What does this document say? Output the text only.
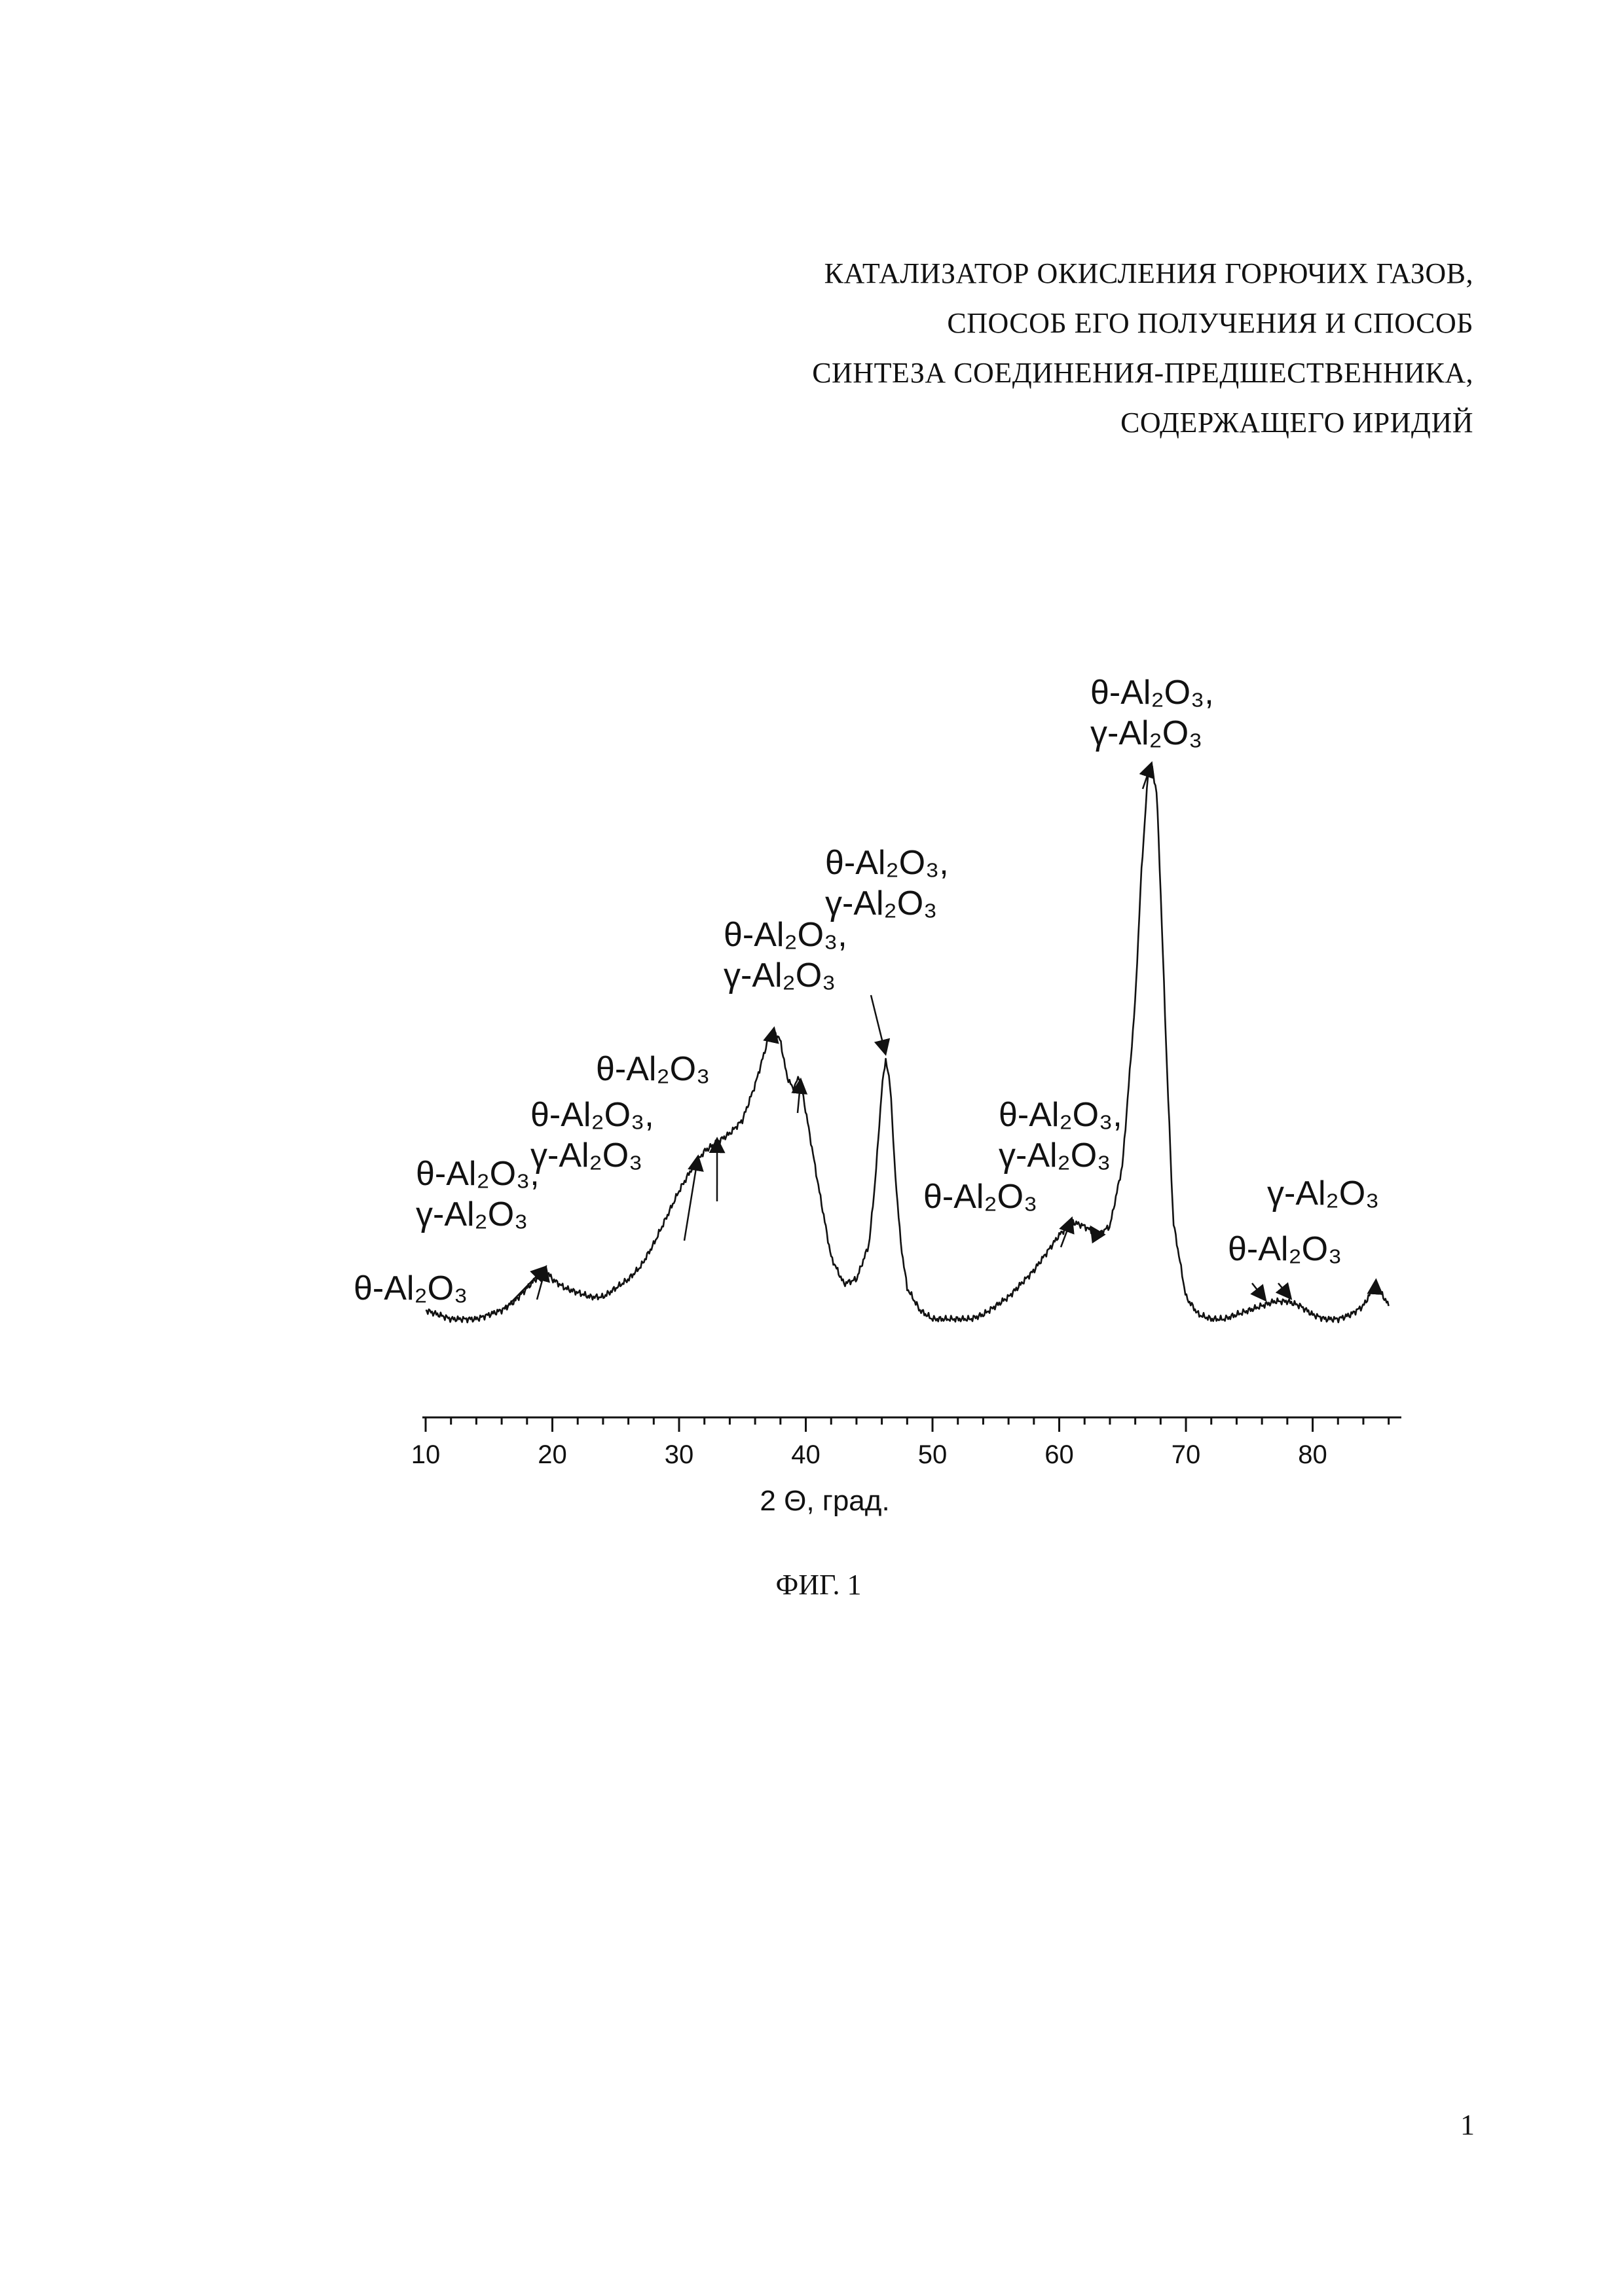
КАТАЛИЗАТОР ОКИСЛЕНИЯ ГОРЮЧИХ ГАЗОВ,
СПОСОБ ЕГО ПОЛУЧЕНИЯ И СПОСОБ
СИНТЕЗА СОЕДИНЕНИЯ-ПРЕДШЕСТВЕННИКА,
СОДЕРЖАЩЕГО ИРИДИЙ
10	20	30	40	50	60	70	80
2 Θ, град.
θ-Al₂O₃
θ-Al₂O₃,
γ-Al₂O₃
θ-Al₂O₃,
γ-Al₂O₃
θ-Al₂O₃
θ-Al₂O₃,
γ-Al₂O₃
θ-Al₂O₃,
γ-Al₂O₃
θ-Al₂O₃
θ-Al₂O₃,
γ-Al₂O₃
θ-Al₂O₃,
γ-Al₂O₃
θ-Al₂O₃
γ-Al₂O₃
ФИГ. 1
1
